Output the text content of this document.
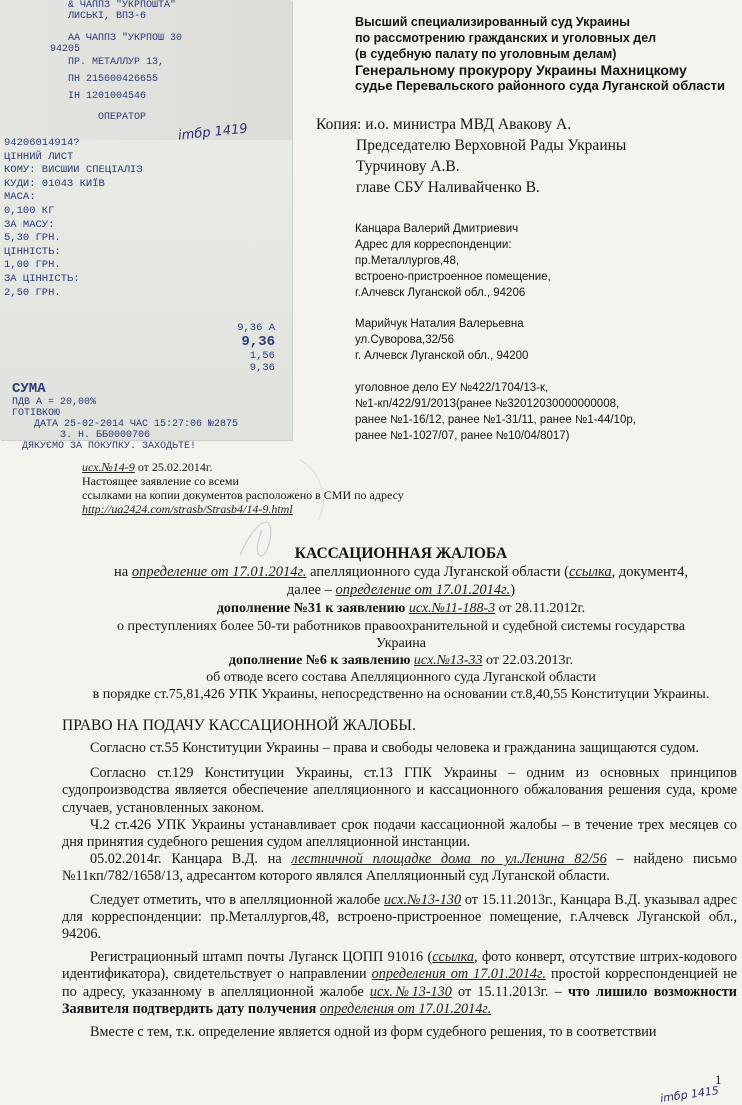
& ЧАППЗ "УКРПОШТА"
ЛИСЬКІ, ВПЗ-6
АА ЧАППЗ "УКРПОШ 30
94205
ПР. МЕТАЛЛУР 13,
ПН 215600426655
ІН 1201004546
ОПЕРАТОР
94206014914?
ЦІННИЙ ЛИСТ
КОМУ: ВИСШИИ СПЕЦІАЛІЗ
КУДИ: 01043 КИЇВ
МАСА:
0,100 КГ
ЗА МАСУ:
5,30 ГРН.
ЦІННІСТЬ:
1,00 ГРН.
ЗА ЦІННІСТЬ:
2,50 ГРН.
9,36 А
9,36
1,56
9,36
СУМА
ПДВ А = 20,00%
ГОТІВКОЮ
ДАТА 25-02-2014 ЧАС 15:27:06 №2875
З. Н. ББ0000706
ДЯКУЄМО ЗА ПОКУПКУ. ЗАХОДЬТЕ!
imбр 1419
Высший специализированный суд Украины
по рассмотрению гражданских и уголовных дел
(в судебную палату по уголовным делам)
Генеральному прокурору Украины Махницкому
судье Перевальского районного суда Луганской области
Копия: и.о. министра МВД Авакову А.
Председателю Верховной Рады Украины
Турчинову А.В.
главе СБУ Наливайченко В.
Канцара Валерий Дмитриевич
Адрес для корреспонденции:
пр.Металлургов,48,
встроено-пристроенное помещение,
г.Алчевск Луганской обл., 94206
Марийчук Наталия Валерьевна
ул.Суворова,32/56
г. Алчевск Луганской обл., 94200
уголовное дело ЕУ №422/1704/13-к,
№1-кп/422/91/2013(ранее №32012030000000008,
ранее №1-16/12, ранее №1-31/11, ранее №1-44/10р,
ранее №1-1027/07, ранее №10/04/8017)
исх.№14-9 от 25.02.2014г.
Настоящее заявление со всеми
ссылками на копии документов расположено в СМИ по адресу
http://ua2424.com/strasb/Strasb4/14-9.html
КАССАЦИОННАЯ ЖАЛОБА
на определение от 17.01.2014г. апелляционного суда Луганской области (ссылка, документ4,
далее – определение от 17.01.2014г.)
дополнение №31 к заявлению исх.№11-188-3 от 28.11.2012г.
о преступлениях более 50-ти работников правоохранительной и судебной системы государства
Украина
дополнение №6 к заявлению исх.№13-33 от 22.03.2013г.
об отводе всего состава Апелляционного суда Луганской области
в порядке ст.75,81,426 УПК Украины, непосредственно на основании ст.8,40,55 Конституции Украины.
ПРАВО НА ПОДАЧУ КАССАЦИОННОЙ ЖАЛОБЫ.

Согласно ст.55 Конституции Украины – права и свободы человека и гражданина защищаются судом.

Согласно ст.129 Конституции Украины, ст.13 ГПК Украины – одним из основных принципов судопроизводства является обеспечение апелляционного и кассационного обжалования решения суда, кроме случаев, установленных законом.

Ч.2 ст.426 УПК Украины устанавливает срок подачи кассационной жалобы – в течение трех месяцев со дня принятия судебного решения судом апелляционной инстанции.

05.02.2014г. Канцара В.Д. на лестничной площадке дома по ул.Ленина 82/56 – найдено письмо №11кп/782/1658/13, адресантом которого являлся Апелляционный суд Луганской области.

Следует отметить, что в апелляционной жалобе исх.№13-130 от 15.11.2013г., Канцара В.Д. указывал адрес для корреспонденции: пр.Металлургов,48, встроено-пристроенное помещение, г.Алчевск Луганской обл., 94206.

Регистрационный штамп почты Луганск ЦОПП 91016 (ссылка, фото конверт, отсутствие штрих-кодового идентификатора), свидетельствует о направлении определения от 17.01.2014г. простой корреспонденцией не по адресу, указанному в апелляционной жалобе исх.№13-130 от 15.11.2013г. – что лишило возможности Заявителя подтвердить дату получения определения от 17.01.2014г.

Вместе с тем, т.к. определение является одной из форм судебного решения, то в соответствии

1
imбр 1415
